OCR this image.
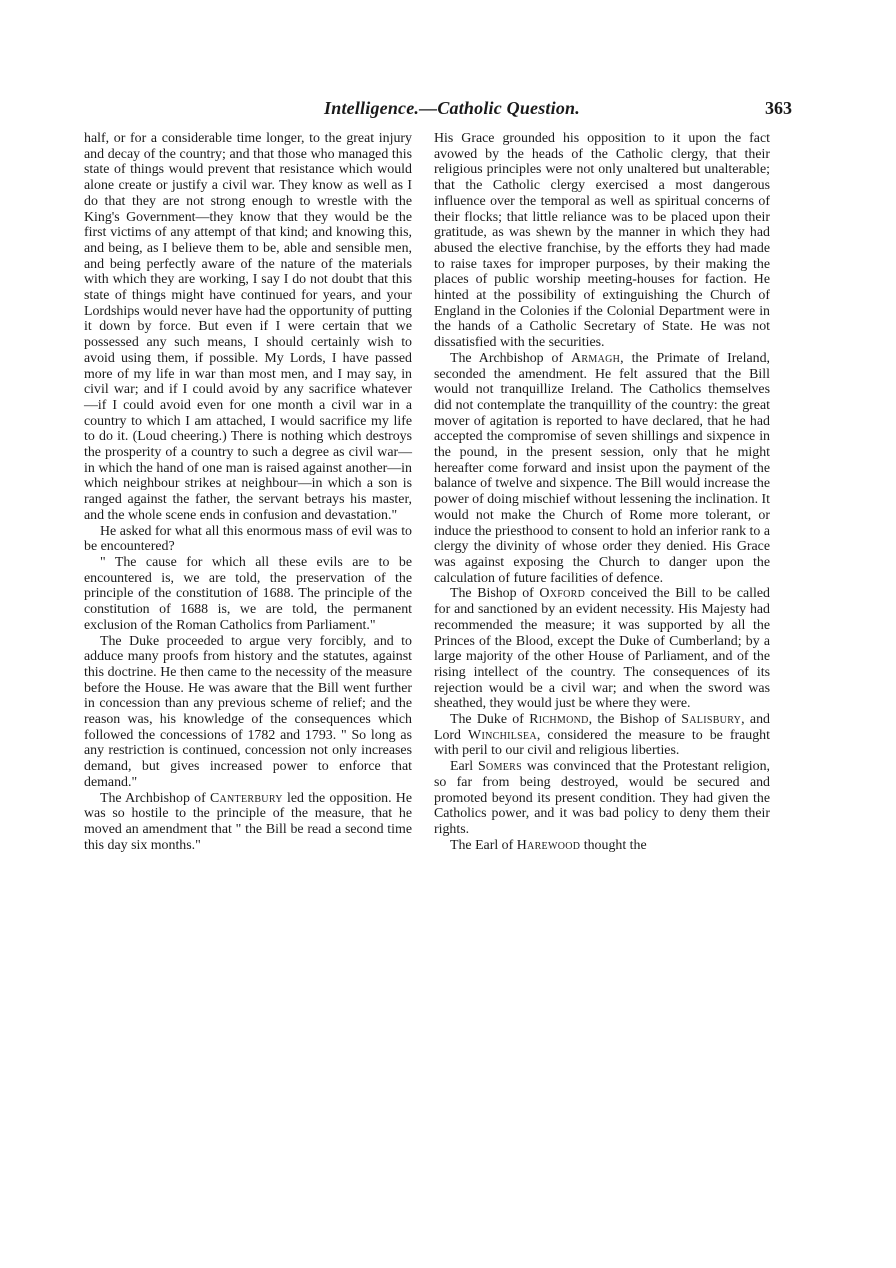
Intelligence.—Catholic Question.	363

half, or for a considerable time longer, to the great injury and decay of the country; and that those who managed this state of things would prevent that resistance which would alone create or justify a civil war. They know as well as I do that they are not strong enough to wrestle with the King's Government—they know that they would be the first victims of any attempt of that kind; and knowing this, and being, as I believe them to be, able and sensible men, and being perfectly aware of the nature of the materials with which they are working, I say I do not doubt that this state of things might have continued for years, and your Lordships would never have had the opportunity of putting it down by force. But even if I were certain that we possessed any such means, I should certainly wish to avoid using them, if possible. My Lords, I have passed more of my life in war than most men, and I may say, in civil war; and if I could avoid by any sacrifice whatever —if I could avoid even for one month a civil war in a country to which I am attached, I would sacrifice my life to do it. (Loud cheering.) There is nothing which destroys the prosperity of a country to such a degree as civil war—in which the hand of one man is raised against another—in which neighbour strikes at neighbour—in which a son is ranged against the father, the servant betrays his master, and the whole scene ends in confusion and devastation."

He asked for what all this enormous mass of evil was to be encountered?

" The cause for which all these evils are to be encountered is, we are told, the preservation of the principle of the constitution of 1688. The principle of the constitution of 1688 is, we are told, the permanent exclusion of the Roman Catholics from Parliament."

The Duke proceeded to argue very forcibly, and to adduce many proofs from history and the statutes, against this doctrine. He then came to the necessity of the measure before the House. He was aware that the Bill went further in concession than any previous scheme of relief; and the reason was, his knowledge of the consequences which followed the concessions of 1782 and 1793. " So long as any restriction is continued, concession not only increases demand, but gives increased power to enforce that demand."

The Archbishop of Canterbury led the opposition. He was so hostile to the principle of the measure, that he moved an amendment that " the Bill be read a second time this day six months."

His Grace grounded his opposition to it upon the fact avowed by the heads of the Catholic clergy, that their religious principles were not only unaltered but unalterable; that the Catholic clergy exercised a most dangerous influence over the temporal as well as spiritual concerns of their flocks; that little reliance was to be placed upon their gratitude, as was shewn by the manner in which they had abused the elective franchise, by the efforts they had made to raise taxes for improper purposes, by their making the places of public worship meeting-houses for faction. He hinted at the possibility of extinguishing the Church of England in the Colonies if the Colonial Department were in the hands of a Catholic Secretary of State. He was not dissatisfied with the securities.

The Archbishop of Armagh, the Primate of Ireland, seconded the amendment. He felt assured that the Bill would not tranquillize Ireland. The Catholics themselves did not contemplate the tranquillity of the country: the great mover of agitation is reported to have declared, that he had accepted the compromise of seven shillings and sixpence in the pound, in the present session, only that he might hereafter come forward and insist upon the payment of the balance of twelve and sixpence. The Bill would increase the power of doing mischief without lessening the inclination. It would not make the Church of Rome more tolerant, or induce the priesthood to consent to hold an inferior rank to a clergy the divinity of whose order they denied. His Grace was against exposing the Church to danger upon the calculation of future facilities of defence.

The Bishop of Oxford conceived the Bill to be called for and sanctioned by an evident necessity. His Majesty had recommended the measure; it was supported by all the Princes of the Blood, except the Duke of Cumberland; by a large majority of the other House of Parliament, and of the rising intellect of the country. The consequences of its rejection would be a civil war; and when the sword was sheathed, they would just be where they were.

The Duke of Richmond, the Bishop of Salisbury, and Lord Winchilsea, considered the measure to be fraught with peril to our civil and religious liberties.

Earl Somers was convinced that the Protestant religion, so far from being destroyed, would be secured and promoted beyond its present condition. They had given the Catholics power, and it was bad policy to deny them their rights.

The Earl of Harewood thought the
